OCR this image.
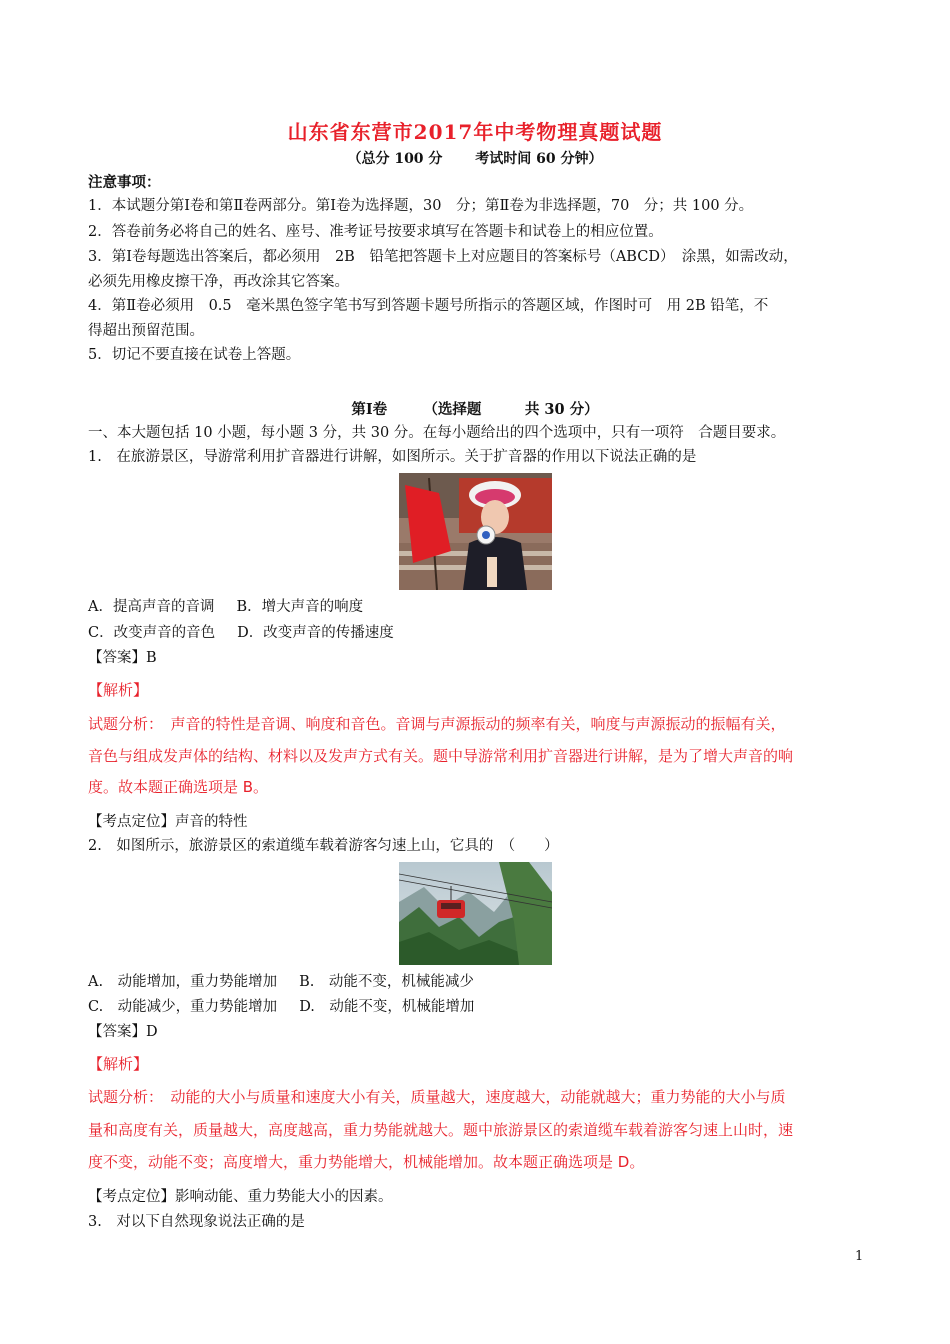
山东省东营市2017年中考物理真题试题
（总分 100 分　　 考试时间 60 分钟）
注意事项：
1．本试题分第Ⅰ卷和第Ⅱ卷两部分。第Ⅰ卷为选择题，30　分；第Ⅱ卷为非选择题，70　分；共 100 分。
2．答卷前务必将自己的姓名、座号、准考证号按要求填写在答题卡和试卷上的相应位置。
3．第Ⅰ卷每题选出答案后，都必须用　2B　铅笔把答题卡上对应题目的答案标号（ABCD）　涂黑，如需改动，
必须先用橡皮擦干净，再改涂其它答案。
4．第Ⅱ卷必须用　0.5　毫米黑色签字笔书写到答题卡题号所指示的答题区域，作图时可　用 2B 铅笔，不
得超出预留范围。
5．切记不要直接在试卷上答题。
第Ⅰ卷　　　（选择题　　　共 30 分）
一、本大题包括 10 小题，每小题 3 分，共 30 分。在每小题给出的四个选项中，只有一项符　合题目要求。
1.　在旅游景区，导游常利用扩音器进行讲解，如图所示。关于扩音器的作用以下说法正确的是
A．提高声音的音调 B．增大声音的响度
C．改变声音的音色 D．改变声音的传播速度
【答案】B
【解析】
试题分析：　声音的特性是音调、响度和音色。音调与声源振动的频率有关，响度与声源振动的振幅有关，
音色与组成发声体的结构、材料以及发声方式有关。题中导游常利用扩音器进行讲解，是为了增大声音的响
度。故本题正确选项是 B。
【考点定位】声音的特性
2.　如图所示，旅游景区的索道缆车载着游客匀速上山，它具的　（　　）
A.　动能增加，重力势能增加 B.　动能不变，机械能减少
C.　动能减少，重力势能增加 D.　动能不变，机械能增加
【答案】D
【解析】
试题分析：　动能的大小与质量和速度大小有关，质量越大，速度越大，动能就越大；重力势能的大小与质
量和高度有关，质量越大，高度越高，重力势能就越大。题中旅游景区的索道缆车载着游客匀速上山时，速
度不变，动能不变；高度增大，重力势能增大，机械能增加。故本题正确选项是 D。
【考点定位】影响动能、重力势能大小的因素。
3.　对以下自然现象说法正确的是
1
